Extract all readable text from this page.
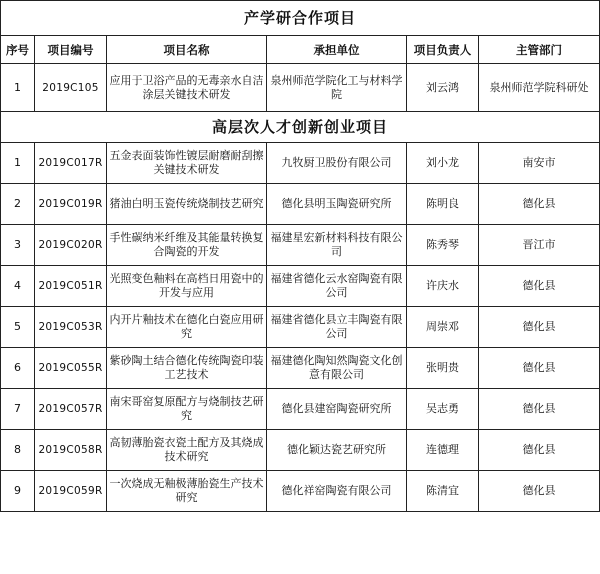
产学研合作项目					
序号	项目编号	项目名称	承担单位	项目负责人	主管部门
1	2019C105	应用于卫浴产品的无毒亲水自洁涂层关键技术研发	泉州师范学院化工与材料学院	刘云鸿	泉州师范学院科研处
高层次人才创新创业项目					
1	2019C017R	五金表面装饰性镀层耐磨耐刮擦关键技术研发	九牧厨卫股份有限公司	刘小龙	南安市
2	2019C019R	猪油白明玉瓷传统烧制技艺研究	德化县明玉陶瓷研究所	陈明良	德化县
3	2019C020R	手性碳纳米纤维及其能量转换复合陶瓷的开发	福建星宏新材料科技有限公司	陈秀琴	晋江市
4	2019C051R	光照变色釉料在高档日用瓷中的开发与应用	福建省德化云水窑陶瓷有限公司	许庆水	德化县
5	2019C053R	内开片釉技术在德化白瓷应用研究	福建省德化县立丰陶瓷有限公司	周崇邓	德化县
6	2019C055R	紫砂陶土结合德化传统陶瓷印装工艺技术	福建德化陶知然陶瓷文化创意有限公司	张明贵	德化县
7	2019C057R	南宋哥窑复原配方与烧制技艺研究	德化县建窑陶瓷研究所	吴志勇	德化县
8	2019C058R	高韧薄胎瓷衣瓷土配方及其烧成技术研究	德化颖达瓷艺研究所	连德理	德化县
9	2019C059R	一次烧成无釉极薄胎瓷生产技术研究	德化祥窑陶瓷有限公司	陈清宜	德化县
